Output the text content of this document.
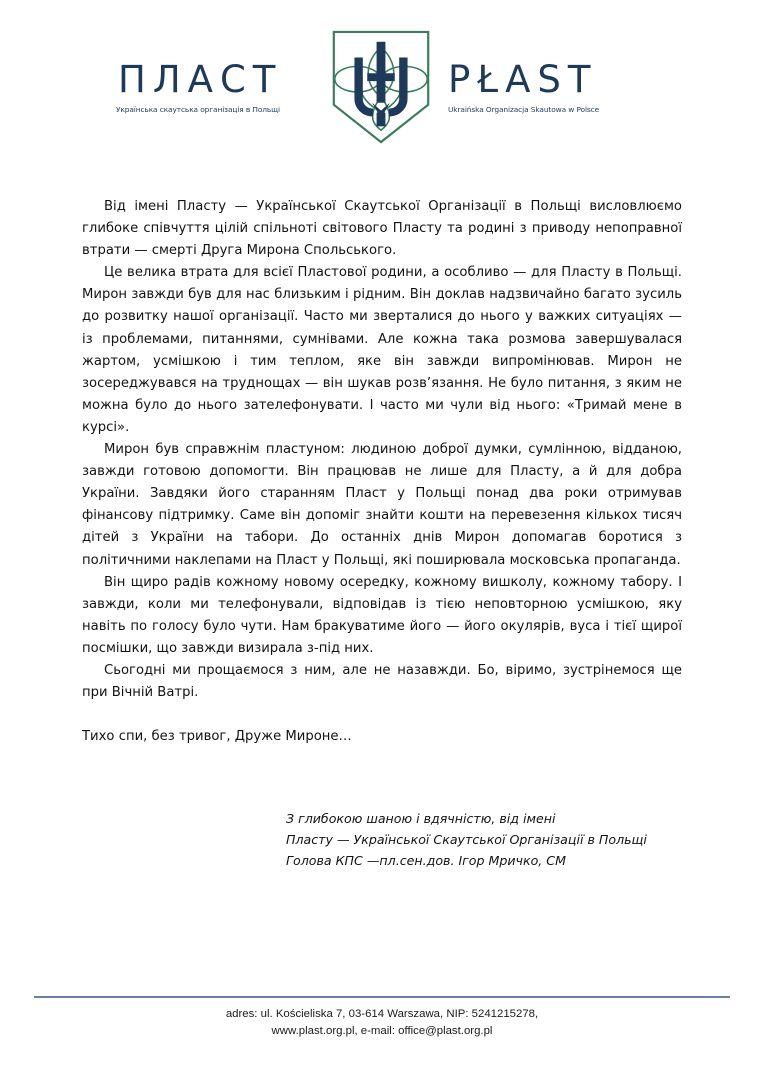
ПЛАСТ
Українська скаутська організація в Польщі
PŁAST
Ukraińska Organizacja Skautowa w Polsce

Від імені Пласту — Української Скаутської Організації в Польщі висловлюємо глибоке співчуття цілій спільноті світового Пласту та родині з приводу непоправної втрати — смерті Друга Мирона Спольського.

Це велика втрата для всієї Пластової родини, а особливо — для Пласту в Польщі. Мирон завжди був для нас близьким і рідним. Він доклав надзвичайно багато зусиль до розвитку нашої організації. Часто ми зверталися до нього у важких ситуаціях — із проблемами, питаннями, сумнівами. Але кожна така розмова завершувалася жартом, усмішкою і тим теплом, яке він завжди випромінював. Мирон не зосереджувався на труднощах — він шукав розв’язання. Не було питання, з яким не можна було до нього зателефонувати. І часто ми чули від нього: «Тримай мене в курсі».

Мирон був справжнім пластуном: людиною доброї думки, сумлінною, відданою, завжди готовою допомогти. Він працював не лише для Пласту, а й для добра України. Завдяки його старанням Пласт у Польщі понад два роки отримував фінансову підтримку. Саме він допоміг знайти кошти на перевезення кількох тисяч дітей з України на табори. До останніх днів Мирон допомагав боротися з політичними наклепами на Пласт у Польщі, які поширювала московська пропаганда.

Він щиро радів кожному новому осередку, кожному вишколу, кожному табору. І завжди, коли ми телефонували, відповідав із тією неповторною усмішкою, яку навіть по голосу було чути. Нам бракуватиме його — його окулярів, вуса і тієї щирої посмішки, що завжди визирала з-під них.

Сьогодні ми прощаємося з ним, але не назавжди. Бо, віримо, зустрінемося ще при Вічній Ватрі.

Тихо спи, без тривог, Друже Мироне…

З глибокою шаною і вдячністю, від імені
Пласту — Української Скаутської Організації в Польщі
Голова КПС —пл.сен.дов. Ігор Мричко, СМ
adres: ul. Kościeliska 7, 03-614 Warszawa, NIP: 5241215278,
www.plast.org.pl, e-mail: office@plast.org.pl
